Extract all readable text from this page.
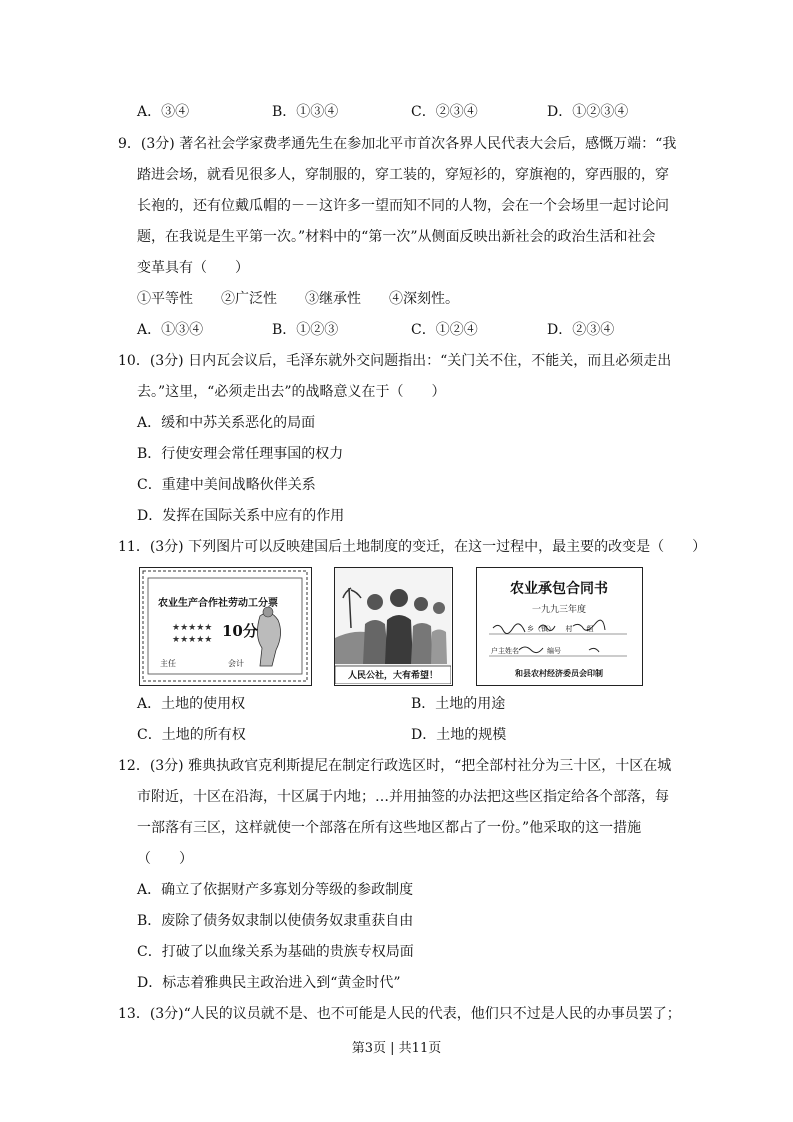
A．③④	B．①③④	C．②③④	D．①②③④
9．(3分) 著名社会学家费孝通先生在参加北平市首次各界人民代表大会后，感慨万端：“我
踏进会场，就看见很多人，穿制服的，穿工装的，穿短衫的，穿旗袍的，穿西服的，穿
长袍的，还有位戴瓜帽的－－这许多一望而知不同的人物，会在一个会场里一起讨论问
题，在我说是生平第一次。”材料中的“第一次”从侧面反映出新社会的政治生活和社会
变革具有（　　）
①平等性　　②广泛性　　③继承性　　④深刻性。
A．①③④	B．①②③	C．①②④	D．②③④
10．(3分) 日内瓦会议后，毛泽东就外交问题指出：“关门关不住，不能关，而且必须走出
去。”这里，“必须走出去”的战略意义在于（　　）
A．缓和中苏关系恶化的局面
B．行使安理会常任理事国的权力
C．重建中美间战略伙伴关系
D．发挥在国际关系中应有的作用
11．(3分) 下列图片可以反映建国后土地制度的变迁，在这一过程中，最主要的改变是（　　）
★★★★★
★★★★★
农业生产合作社劳动工分票
10分
主任	会计
人民公社，大有希望！
农业承包合同书
一九九三年度
乡（镇）　　村　　组
户主姓名　　　　编号
和县农村经济委员会印制
A．土地的使用权	B．土地的用途
C．土地的所有权	D．土地的规模
12．(3分) 雅典执政官克利斯提尼在制定行政选区时，“把全部村社分为三十区，十区在城
市附近，十区在沿海，十区属于内地；…并用抽签的办法把这些区指定给各个部落，每
一部落有三区，这样就使一个部落在所有这些地区都占了一份。”他采取的这一措施
（　　）
A．确立了依据财产多寡划分等级的参政制度
B．废除了债务奴隶制以使债务奴隶重获自由
C．打破了以血缘关系为基础的贵族专权局面
D．标志着雅典民主政治进入到“黄金时代”
13．(3分)“人民的议员就不是、也不可能是人民的代表，他们只不过是人民的办事员罢了；
第3页 | 共11页
